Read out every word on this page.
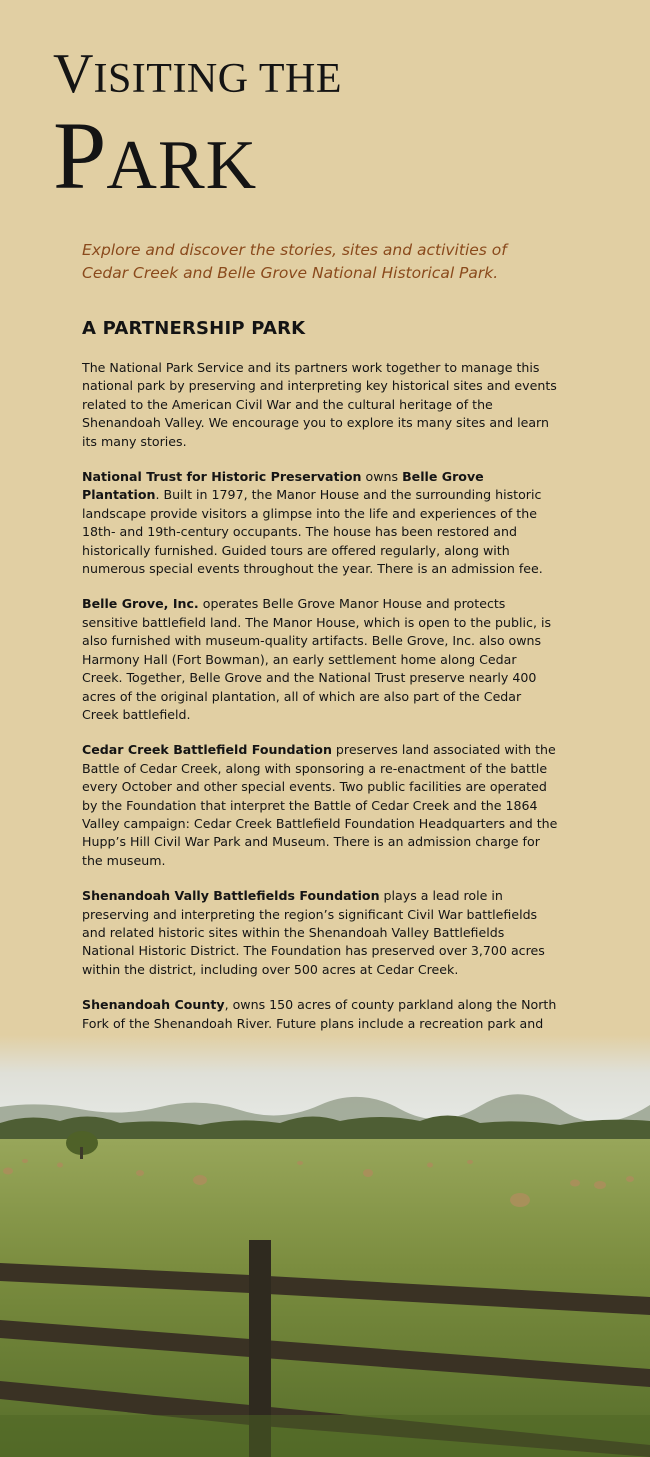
VISITING THE
PARK
Explore and discover the stories, sites and activities of Cedar Creek and Belle Grove National Historical Park.
A PARTNERSHIP PARK

The National Park Service and its partners work together to manage this national park by preserving and interpreting key historical sites and events related to the American Civil War and the cultural heritage of the Shenandoah Valley. We encourage you to explore its many sites and learn its many stories.

National Trust for Historic Preservation owns Belle Grove Plantation. Built in 1797, the Manor House and the surrounding historic landscape provide visitors a glimpse into the life and experiences of the 18th- and 19th-century occupants. The house has been restored and historically furnished. Guided tours are offered regularly, along with numerous special events throughout the year. There is an admission fee.

Belle Grove, Inc. operates Belle Grove Manor House and protects sensitive battlefield land. The Manor House, which is open to the public, is also furnished with museum-quality artifacts. Belle Grove, Inc. also owns Harmony Hall (Fort Bowman), an early settlement home along Cedar Creek. Together, Belle Grove and the National Trust preserve nearly 400 acres of the original plantation, all of which are also part of the Cedar Creek battlefield.

Cedar Creek Battlefield Foundation preserves land associated with the Battle of Cedar Creek, along with sponsoring a re-enactment of the battle every October and other special events. Two public facilities are operated by the Foundation that interpret the Battle of Cedar Creek and the 1864 Valley campaign: Cedar Creek Battlefield Foundation Headquarters and the Hupp’s Hill Civil War Park and Museum. There is an admission charge for the museum.

Shenandoah Vally Battlefields Foundation plays a lead role in preserving and interpreting the region’s significant Civil War battlefields and related historic sites within the Shenandoah Valley Battlefields National Historic District. The Foundation has preserved over 3,700 acres within the district, including over 500 acres at Cedar Creek.

Shenandoah County, owns 150 acres of county parkland along the North Fork of the Shenandoah River. Future plans include a recreation park and
